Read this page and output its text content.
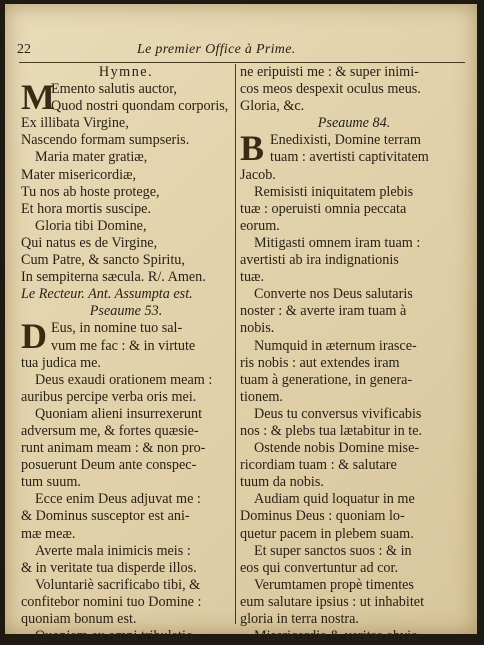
22	Le premier Office à Prime.
Hymne.
M
Emento salutis auctor,
Quod nostri quondam corporis,
Ex illibata Virgine,
Nascendo formam sumpseris.
Maria mater gratiæ,
Mater misericordiæ,
Tu nos ab hoste protege,
Et hora mortis suscipe.
Gloria tibi Domine,
Qui natus es de Virgine,
Cum Patre, & sancto Spiritu,
In sempiterna sæcula. R/. Amen.
Le Recteur. Ant. Assumpta est.
Pseaume 53.
D Eus, in nomine tuo sal-
vum me fac : & in virtute
tua judica me.
Deus exaudi orationem meam :
auribus percipe verba oris mei.
Quoniam alieni insurrexerunt
adversum me, & fortes quæsie-
runt animam meam : & non pro-
posuerunt Deum ante conspec-
tum suum.
Ecce enim Deus adjuvat me :
& Dominus susceptor est ani-
mæ meæ.
Averte mala inimicis meis :
& in veritate tua disperde illos.
Voluntariè sacrificabo tibi, &
confitebor nomini tuo Domine :
quoniam bonum est.
Quoniam ex omni tribulatio-
ne eripuisti me : & super inimi-
cos meos despexit oculus meus.
Gloria, &c.
Pseaume 84.
B Enedixisti, Domine terram
tuam : avertisti captivitatem
Jacob.
Remisisti iniquitatem plebis
tuæ : operuisti omnia peccata
eorum.
Mitigasti omnem iram tuam :
avertisti ab ira indignationis
tuæ.
Converte nos Deus salutaris
noster : & averte iram tuam à
nobis.
Numquid in æternum irasce-
ris nobis : aut extendes iram
tuam à generatione, in genera-
tionem.
Deus tu conversus vivificabis
nos : & plebs tua lætabitur in te.
Ostende nobis Domine mise-
ricordiam tuam : & salutare
tuum da nobis.
Audiam quid loquatur in me
Dominus Deus : quoniam lo-
quetur pacem in plebem suam.
Et super sanctos suos : & in
eos qui convertuntur ad cor.
Verumtamen propè timentes
eum salutare ipsius : ut inhabitet
gloria in terra nostra.
Misericordia & veritas obvia-
